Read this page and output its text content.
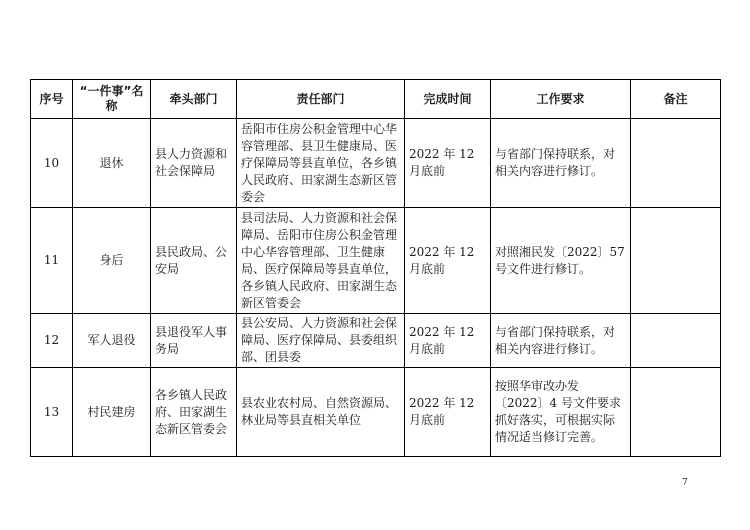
序号	“一件事”名称	牵头部门	责任部门	完成时间	工作要求	备注
10	退休	县人力资源和社会保障局	岳阳市住房公积金管理中心华容管理部、县卫生健康局、医疗保障局等县直单位，各乡镇人民政府、田家湖生态新区管委会	2022 年 12 月底前	与省部门保持联系，对相关内容进行修订。	
11	身后	县民政局、公安局	县司法局、人力资源和社会保障局、岳阳市住房公积金管理中心华容管理部、卫生健康局、医疗保障局等县直单位，各乡镇人民政府、田家湖生态新区管委会	2022 年 12 月底前	对照湘民发〔2022〕57 号文件进行修订。	
12	军人退役	县退役军人事务局	县公安局、人力资源和社会保障局、医疗保障局、县委组织部、团县委	2022 年 12 月底前	与省部门保持联系，对相关内容进行修订。	
13	村民建房	各乡镇人民政府、田家湖生态新区管委会	县农业农村局、自然资源局、林业局等县直相关单位	2022 年 12 月底前	按照华审改办发〔2022〕4 号文件要求抓好落实，可根据实际情况适当修订完善。	
7
